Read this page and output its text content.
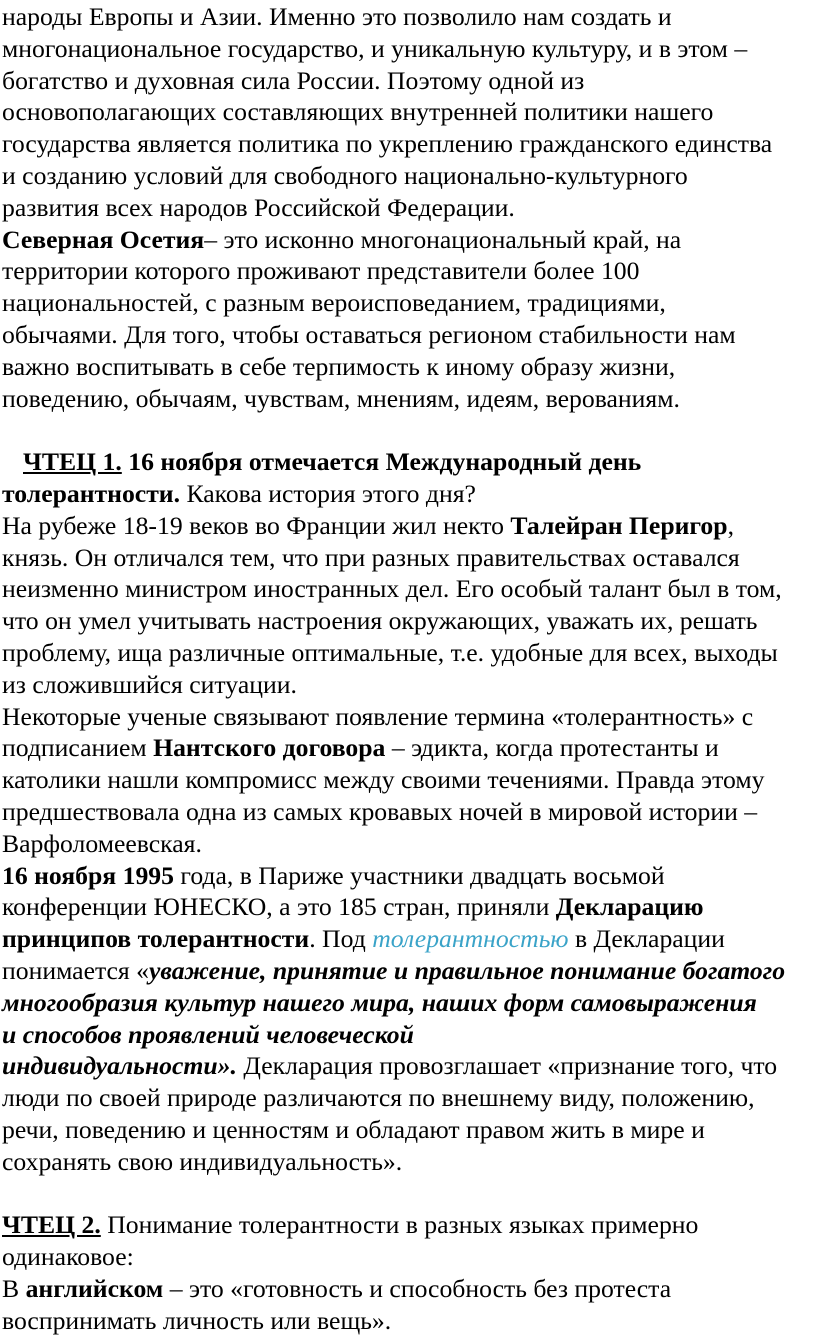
народы Европы и Азии. Именно это позволило нам создать и
многонациональное государство, и уникальную культуру, и в этом –
богатство и духовная сила России. Поэтому одной из
основополагающих составляющих внутренней политики нашего
государства является политика по укреплению гражданского единства
и созданию условий для свободного национально-культурного
развития всех народов Российской Федерации.
Северная Осетия– это исконно многонациональный край, на
территории которого проживают представители более 100
национальностей, с разным вероисповеданием, традициями,
обычаями. Для того, чтобы оставаться регионом стабильности нам
важно воспитывать в себе терпимость к иному образу жизни,
поведению, обычаям, чувствам, мнениям, идеям, верованиям.
ЧТЕЦ 1. 16 ноября отмечается Международный день
толерантности. Какова история этого дня?
На рубеже 18-19 веков во Франции жил некто Талейран Перигор,
князь. Он отличался тем, что при разных правительствах оставался
неизменно министром иностранных дел. Его особый талант был в том,
что он умел учитывать настроения окружающих, уважать их, решать
проблему, ища различные оптимальные, т.е. удобные для всех, выходы
из сложившийся ситуации.
Некоторые ученые связывают появление термина «толерантность» с
подписанием Нантского договора – эдикта, когда протестанты и
католики нашли компромисс между своими течениями. Правда этому
предшествовала одна из самых кровавых ночей в мировой истории –
Варфоломеевская.
16 ноября 1995 года, в Париже участники двадцать восьмой
конференции ЮНЕСКО, а это 185 стран, приняли Декларацию
принципов толерантности. Под толерантностью в Декларации
понимается «уважение, принятие и правильное понимание богатого
многообразия культур нашего мира, наших форм самовыражения
и способов проявлений человеческой
индивидуальности». Декларация провозглашает «признание того, что
люди по своей природе различаются по внешнему виду, положению,
речи, поведению и ценностям и обладают правом жить в мире и
сохранять свою индивидуальность».
ЧТЕЦ 2. Понимание толерантности в разных языках примерно
одинаковое:
В английском – это «готовность и способность без протеста
воспринимать личность или вещь».
